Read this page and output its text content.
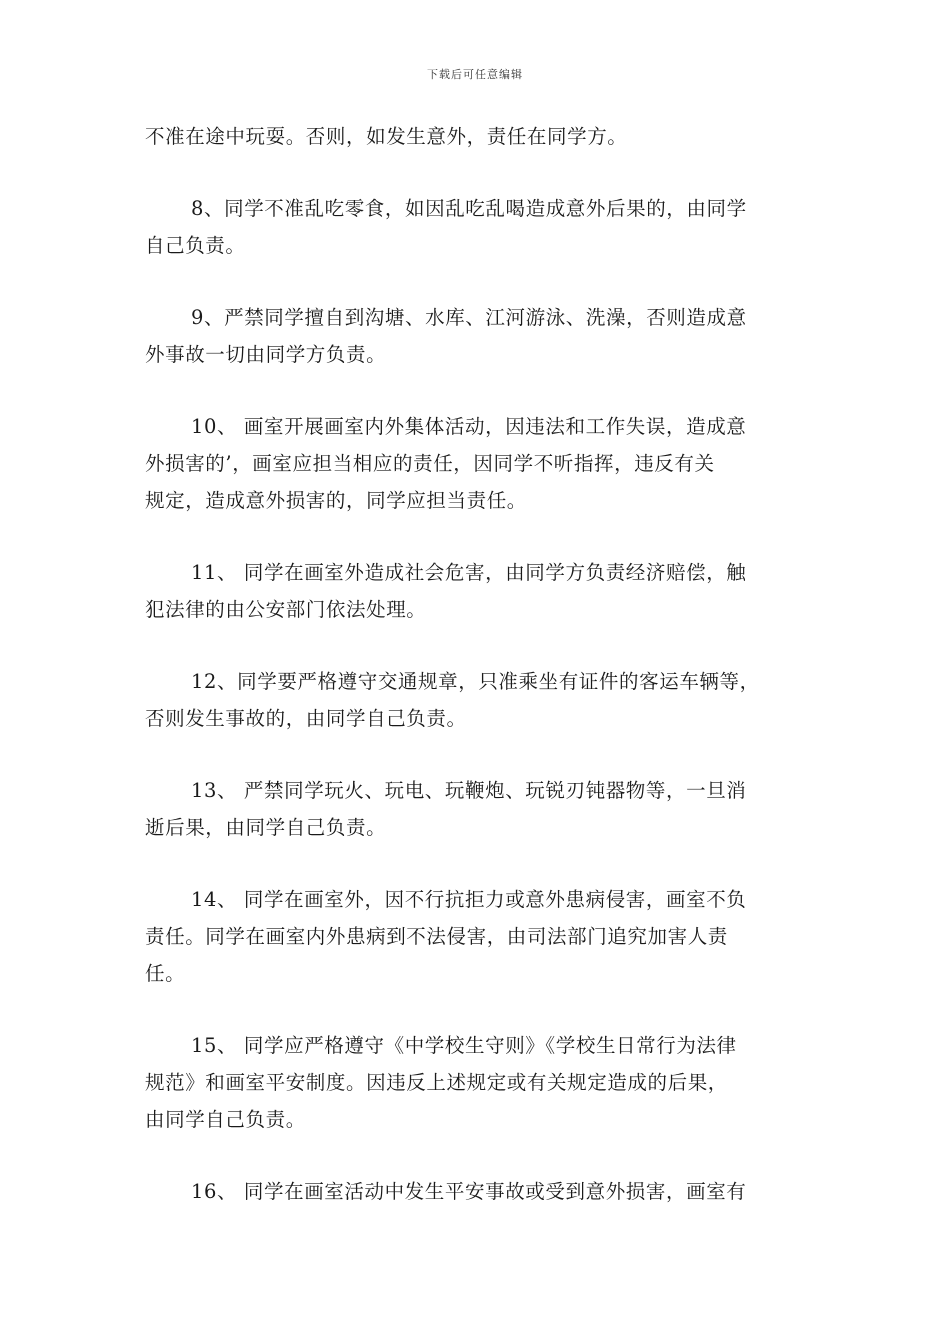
下载后可任意编辑

不准在途中玩耍。否则，如发生意外，责任在同学方。

8、同学不准乱吃零食，如因乱吃乱喝造成意外后果的，由同学
自己负责。

9、严禁同学擅自到沟塘、水库、江河游泳、洗澡，否则造成意
外事故一切由同学方负责。

10、 画室开展画室内外集体活动，因违法和工作失误，造成意
外损害的’，画室应担当相应的责任，因同学不听指挥，违反有关
规定，造成意外损害的，同学应担当责任。

11、 同学在画室外造成社会危害，由同学方负责经济赔偿，触
犯法律的由公安部门依法处理。

12、同学要严格遵守交通规章，只准乘坐有证件的客运车辆等，
否则发生事故的，由同学自己负责。

13、 严禁同学玩火、玩电、玩鞭炮、玩锐刃钝器物等，一旦消
逝后果，由同学自己负责。

14、 同学在画室外，因不行抗拒力或意外患病侵害，画室不负
责任。同学在画室内外患病到不法侵害，由司法部门追究加害人责
任。

15、 同学应严格遵守《中学校生守则》《学校生日常行为法律
规范》和画室平安制度。因违反上述规定或有关规定造成的后果，
由同学自己负责。

16、 同学在画室活动中发生平安事故或受到意外损害，画室有
